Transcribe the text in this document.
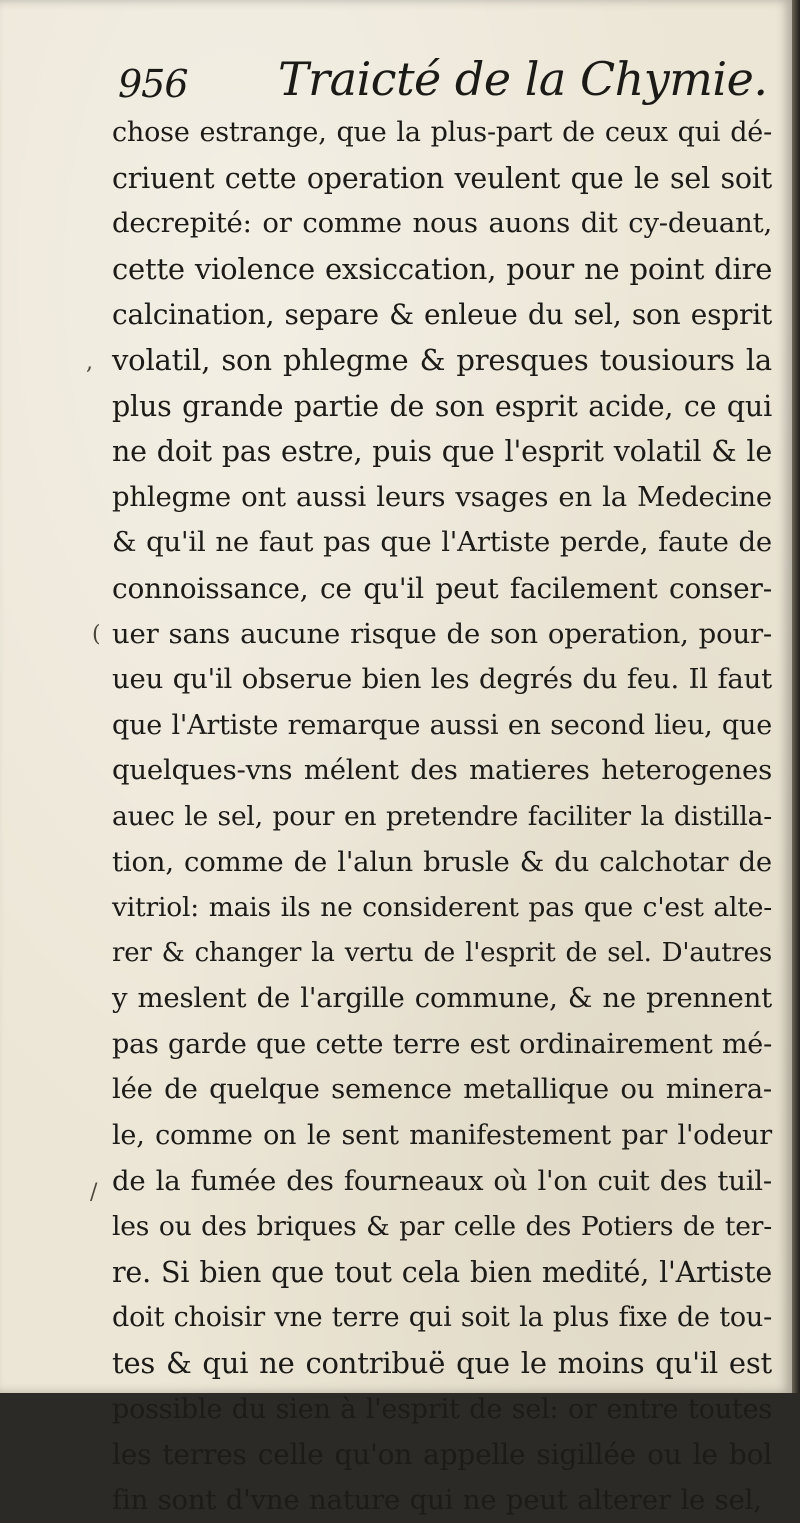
956 Traicté de la Chymie.
chose estrange, que la plus-part de ceux qui dé-
criuent cette operation veulent que le sel soit
decrepité: or comme nous auons dit cy-deuant,
cette violence exsiccation, pour ne point dire
calcination, separe & enleue du sel, son esprit
volatil, son phlegme & presques tousiours la
plus grande partie de son esprit acide, ce qui
ne doit pas estre, puis que l'esprit volatil & le
phlegme ont aussi leurs vsages en la Medecine
& qu'il ne faut pas que l'Artiste perde, faute de
connoissance, ce qu'il peut facilement conser-
uer sans aucune risque de son operation, pour-
ueu qu'il obserue bien les degrés du feu. Il faut
que l'Artiste remarque aussi en second lieu, que
quelques-vns mélent des matieres heterogenes
auec le sel, pour en pretendre faciliter la distilla-
tion, comme de l'alun brusle & du calchotar de
vitriol: mais ils ne considerent pas que c'est alte-
rer & changer la vertu de l'esprit de sel. D'autres
y meslent de l'argille commune, & ne prennent
pas garde que cette terre est ordinairement mé-
lée de quelque semence metallique ou minera-
le, comme on le sent manifestement par l'odeur
de la fumée des fourneaux où l'on cuit des tuil-
les ou des briques & par celle des Potiers de ter-
re. Si bien que tout cela bien medité, l'Artiste
doit choisir vne terre qui soit la plus fixe de tou-
tes & qui ne contribuë que le moins qu'il est
possible du sien à l'esprit de sel: or entre toutes
les terres celle qu'on appelle sigillée ou le bol
fin sont d'vne nature qui ne peut alterer le sel,
,
(
/
